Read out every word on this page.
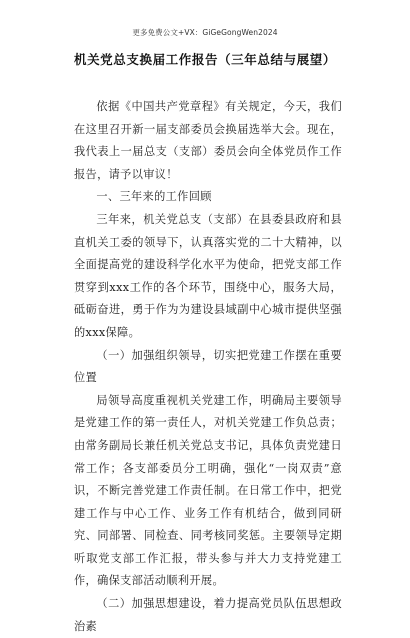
更多免费公文+VX：GiGeGongWen2024
机关党总支换届工作报告（三年总结与展望）

依据《中国共产党章程》有关规定，今天，我们在这里召开新一届支部委员会换届选举大会。现在，我代表上一届总支（支部）委员会向全体党员作工作报告，请予以审议！

一、三年来的工作回顾

三年来，机关党总支（支部）在县委县政府和县直机关工委的领导下，认真落实党的二十大精神，以全面提高党的建设科学化水平为使命，把党支部工作贯穿到xxx工作的各个环节，围绕中心，服务大局，砥砺奋进，勇于作为为建设县域副中心城市提供坚强的xxx保障。

（一）加强组织领导，切实把党建工作摆在重要位置

局领导高度重视机关党建工作，明确局主要领导是党建工作的第一责任人，对机关党建工作负总责；由常务副局长兼任机关党总支书记，具体负责党建日常工作；各支部委员分工明确，强化“一岗双责”意识，不断完善党建工作责任制。在日常工作中，把党建工作与中心工作、业务工作有机结合，做到同研究、同部署、同检查、同考核同奖惩。主要领导定期听取党支部工作汇报，带头参与并大力支持党建工作，确保支部活动顺利开展。

（二）加强思想建设，着力提高党员队伍思想政治素
